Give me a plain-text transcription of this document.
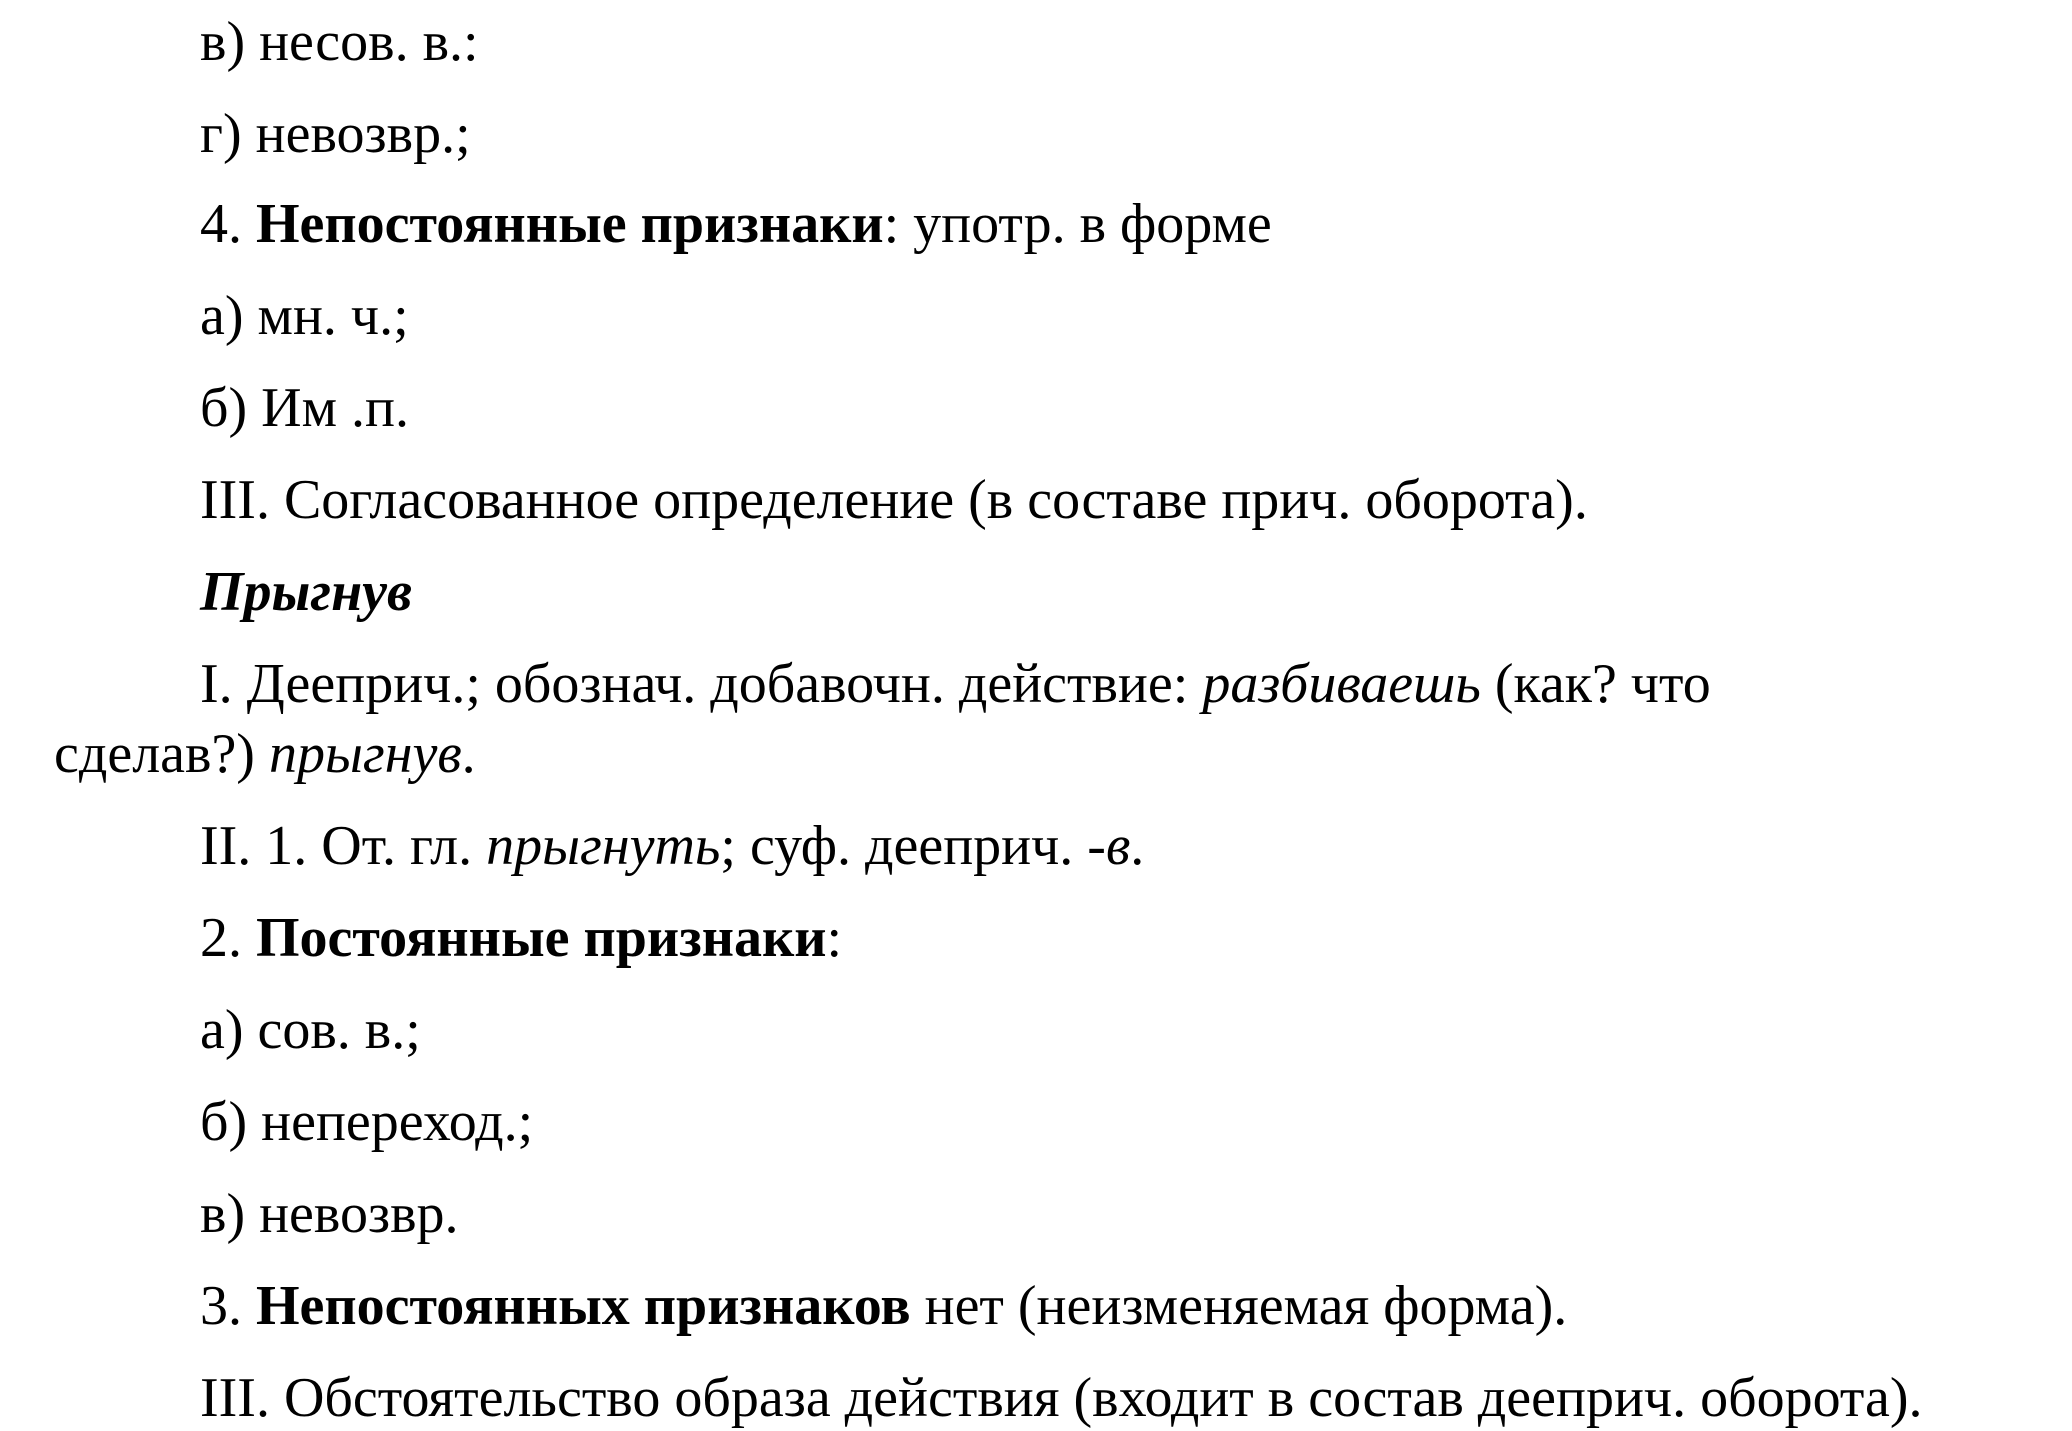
в) несов. в.:
г) невозвр.;
4. Непостоянные признаки: употр. в форме
а) мн. ч.;
б) Им .п.
III. Согласованное определение (в составе прич. оборота).
Прыгнув
I. Дееприч.; обознач. добавочн. действие: разбиваешь (как? что
сделав?) прыгнув.
II. 1. От. гл. прыгнуть; суф. дееприч. -в.
2. Постоянные признаки:
а) сов. в.;
б) непереход.;
в) невозвр.
3. Непостоянных признаков нет (неизменяемая форма).
III. Обстоятельство образа действия (входит в состав дееприч. оборота).
